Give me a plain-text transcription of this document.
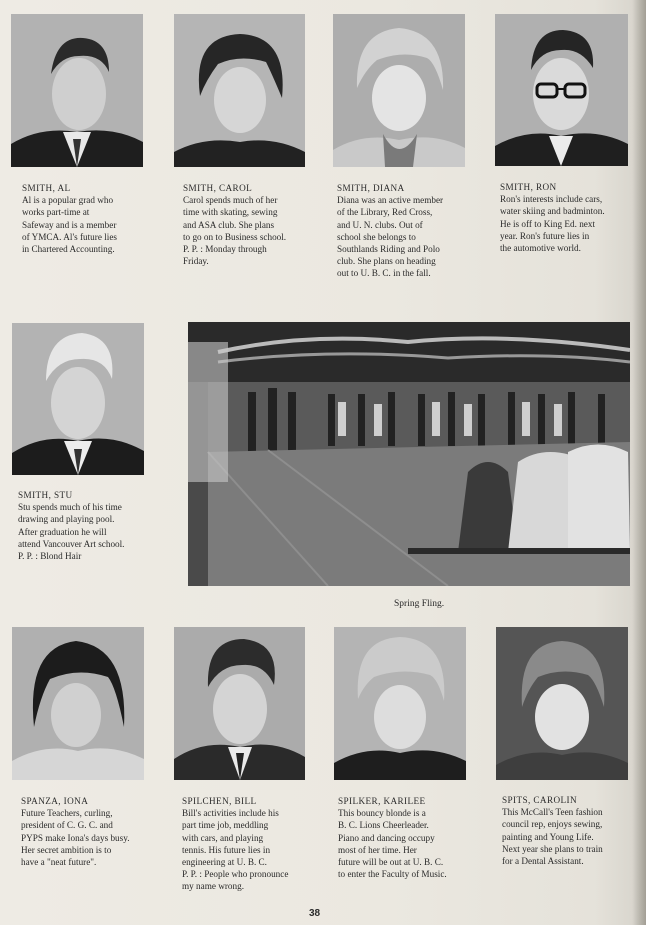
SMITH, AL
Al is a popular grad who
works part-time at
Safeway and is a member
of YMCA. Al's future lies
in Chartered Accounting.
SMITH, CAROL
Carol spends much of her
time with skating, sewing
and ASA club. She plans
to go on to Business school.
P. P. : Monday through
Friday.
SMITH, DIANA
Diana was an active member
of the Library, Red Cross,
and U. N. clubs. Out of
school she belongs to
Southlands Riding and Polo
club. She plans on heading
out to U. B. C. in the fall.
SMITH, RON
Ron's interests include cars,
water skiing and badminton.
He is off to King Ed. next
year. Ron's future lies in
the automotive world.
SMITH, STU
Stu spends much of his time
drawing and playing pool.
After graduation he will
attend Vancouver Art school.
P. P. : Blond Hair
Spring Fling.
SPANZA, IONA
Future Teachers, curling,
president of C. G. C. and
PYPS make Iona's days busy.
Her secret ambition is to
have a "neat future".
SPILCHEN, BILL
Bill's activities include his
part time job, meddling
with cars, and playing
tennis. His future lies in
engineering at U. B. C.
P. P. : People who pronounce
my name wrong.
SPILKER, KARILEE
This bouncy blonde is a
B. C. Lions Cheerleader.
Piano and dancing occupy
most of her time. Her
future will be out at U. B. C.
to enter the Faculty of Music.
SPITS, CAROLIN
This McCall's Teen fashion
council rep, enjoys sewing,
painting and Young Life.
Next year she plans to train
for a Dental Assistant.
38
